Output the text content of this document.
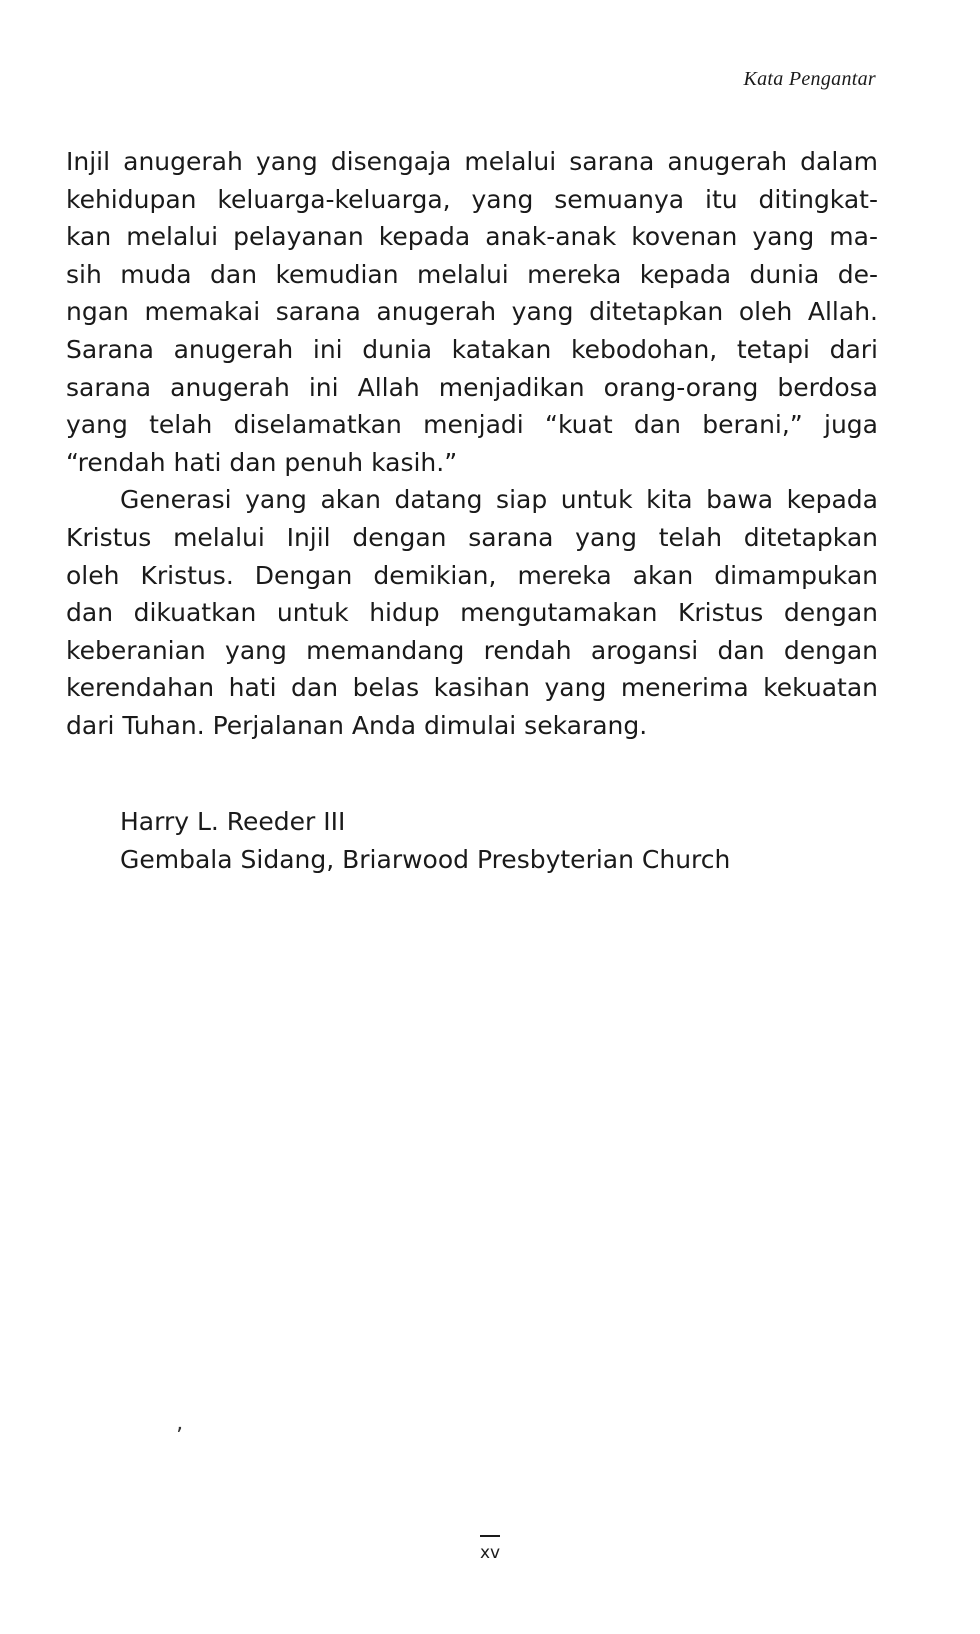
Kata Pengantar
Injil anugerah yang disengaja melalui sarana anugerah dalam
kehidupan keluarga-keluarga, yang semuanya itu ditingkat-
kan melalui pelayanan kepada anak-anak kovenan yang ma-
sih muda dan kemudian melalui mereka kepada dunia de-
ngan memakai sarana anugerah yang ditetapkan oleh Allah.
Sarana anugerah ini dunia katakan kebodohan, tetapi dari
sarana anugerah ini Allah menjadikan orang-orang berdosa
yang telah diselamatkan menjadi “kuat dan berani,” juga
“rendah hati dan penuh kasih.”
Generasi yang akan datang siap untuk kita bawa kepada
Kristus melalui Injil dengan sarana yang telah ditetapkan
oleh Kristus. Dengan demikian, mereka akan dimampukan
dan dikuatkan untuk hidup mengutamakan Kristus dengan
keberanian yang memandang rendah arogansi dan dengan
kerendahan hati dan belas kasihan yang menerima kekuatan
dari Tuhan. Perjalanan Anda dimulai sekarang.
Harry L. Reeder III
Gembala Sidang, Briarwood Presbyterian Church
ʼ
xv
